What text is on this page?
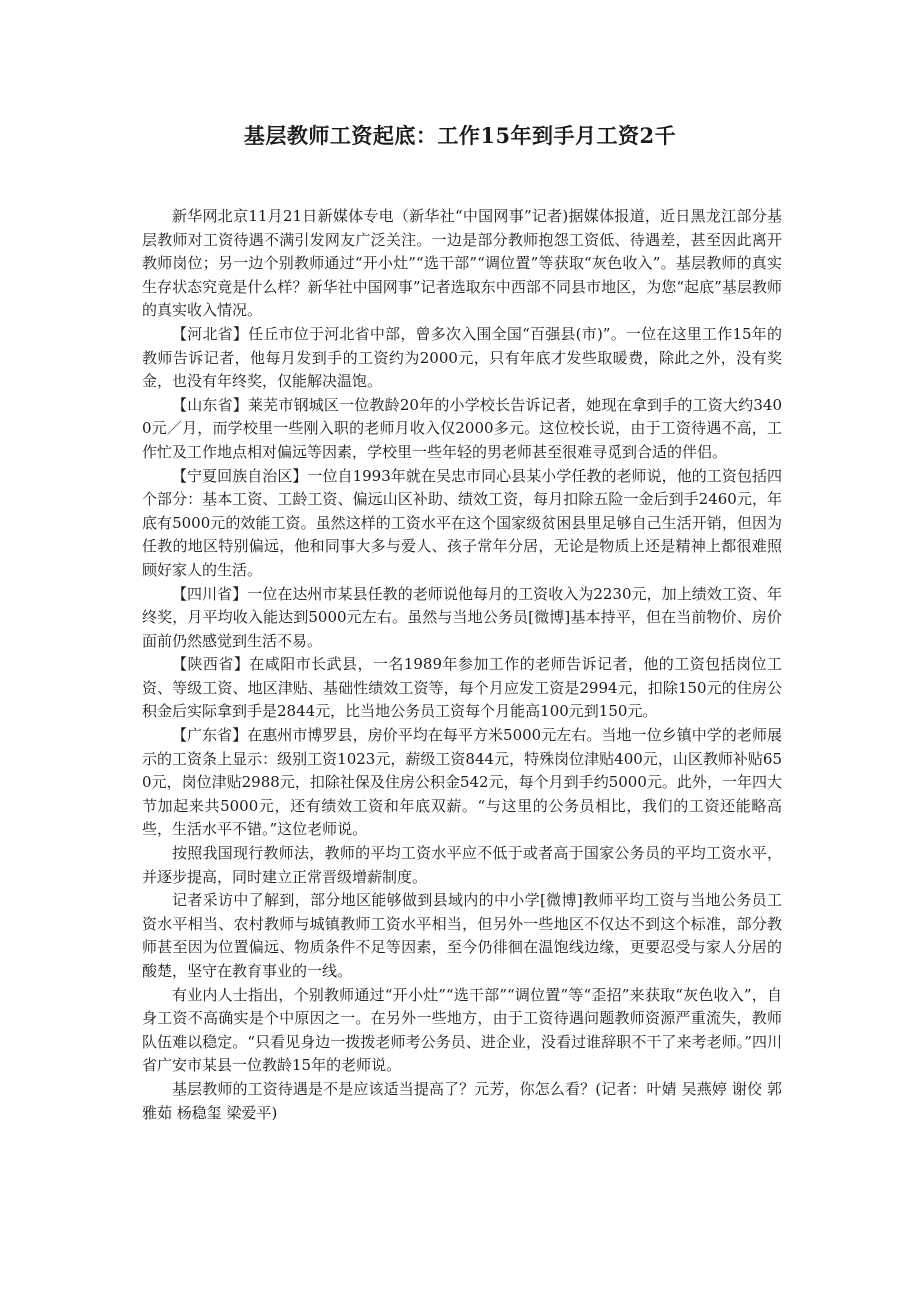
基层教师工资起底：工作15年到手月工资2千

新华网北京11月21日新媒体专电（新华社“中国网事”记者)据媒体报道，近日黑龙江部分基层教师对工资待遇不满引发网友广泛关注。一边是部分教师抱怨工资低、待遇差，甚至因此离开教师岗位；另一边个别教师通过“开小灶”“选干部”“调位置”等获取“灰色收入”。基层教师的真实生存状态究竟是什么样？新华社中国网事”记者选取东中西部不同县市地区，为您“起底”基层教师的真实收入情况。

【河北省】任丘市位于河北省中部，曾多次入围全国“百强县(市)”。一位在这里工作15年的教师告诉记者，他每月发到手的工资约为2000元，只有年底才发些取暖费，除此之外，没有奖金，也没有年终奖，仅能解决温饱。

【山东省】莱芜市钢城区一位教龄20年的小学校长告诉记者，她现在拿到手的工资大约3400元／月，而学校里一些刚入职的老师月收入仅2000多元。这位校长说，由于工资待遇不高，工作忙及工作地点相对偏远等因素，学校里一些年轻的男老师甚至很难寻觅到合适的伴侣。

【宁夏回族自治区】一位自1993年就在吴忠市同心县某小学任教的老师说，他的工资包括四个部分：基本工资、工龄工资、偏远山区补助、绩效工资，每月扣除五险一金后到手2460元，年底有5000元的效能工资。虽然这样的工资水平在这个国家级贫困县里足够自己生活开销，但因为任教的地区特别偏远，他和同事大多与爱人、孩子常年分居，无论是物质上还是精神上都很难照顾好家人的生活。

【四川省】一位在达州市某县任教的老师说他每月的工资收入为2230元，加上绩效工资、年终奖，月平均收入能达到5000元左右。虽然与当地公务员[微博]基本持平，但在当前物价、房价面前仍然感觉到生活不易。

【陕西省】在咸阳市长武县，一名1989年参加工作的老师告诉记者，他的工资包括岗位工资、等级工资、地区津贴、基础性绩效工资等，每个月应发工资是2994元，扣除150元的住房公积金后实际拿到手是2844元，比当地公务员工资每个月能高100元到150元。

【广东省】在惠州市博罗县，房价平均在每平方米5000元左右。当地一位乡镇中学的老师展示的工资条上显示：级别工资1023元，薪级工资844元，特殊岗位津贴400元，山区教师补贴650元，岗位津贴2988元，扣除社保及住房公积金542元，每个月到手约5000元。此外，一年四大节加起来共5000元，还有绩效工资和年底双薪。“与这里的公务员相比，我们的工资还能略高些，生活水平不错。”这位老师说。

按照我国现行教师法，教师的平均工资水平应不低于或者高于国家公务员的平均工资水平，并逐步提高，同时建立正常晋级增薪制度。

记者采访中了解到，部分地区能够做到县域内的中小学[微博]教师平均工资与当地公务员工资水平相当、农村教师与城镇教师工资水平相当，但另外一些地区不仅达不到这个标准，部分教师甚至因为位置偏远、物质条件不足等因素，至今仍徘徊在温饱线边缘，更要忍受与家人分居的酸楚，坚守在教育事业的一线。

有业内人士指出，个别教师通过“开小灶”“选干部”“调位置”等“歪招”来获取“灰色收入”，自身工资不高确实是个中原因之一。在另外一些地方，由于工资待遇问题教师资源严重流失，教师队伍难以稳定。“只看见身边一拨拨老师考公务员、进企业，没看过谁辞职不干了来考老师。”四川省广安市某县一位教龄15年的老师说。

基层教师的工资待遇是不是应该适当提高了？元芳，你怎么看？(记者：叶婧 吴燕婷 谢佼 郭雅茹 杨稳玺 梁爱平)
